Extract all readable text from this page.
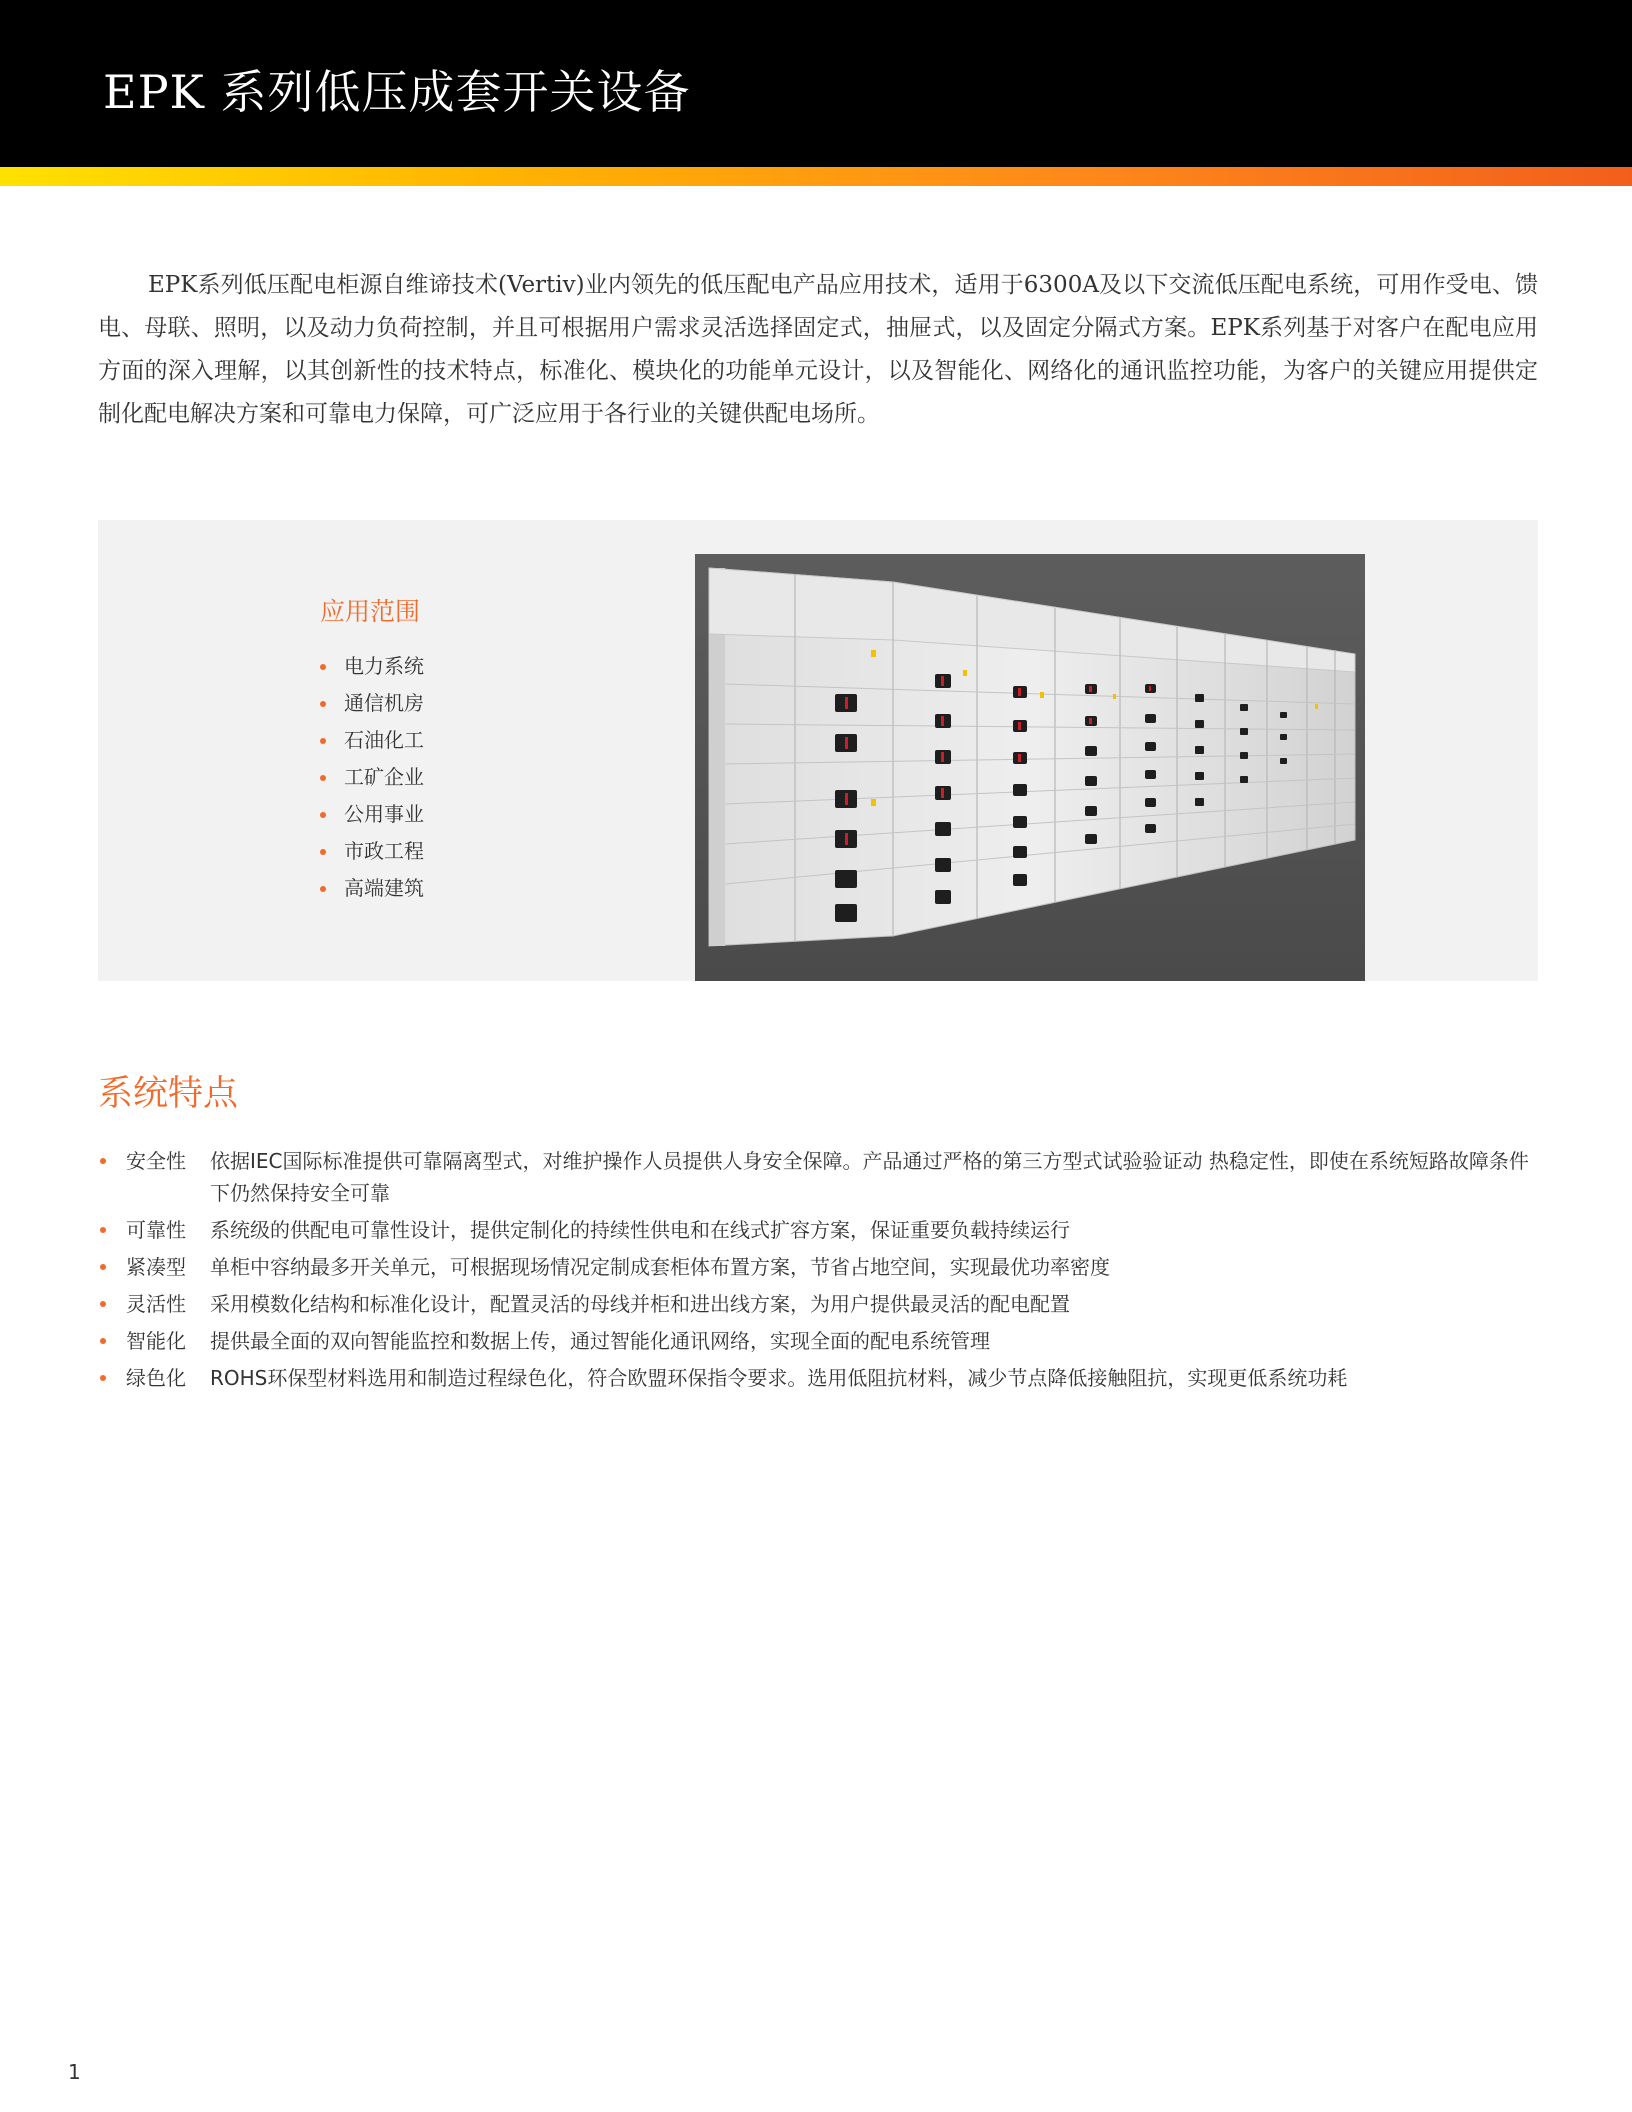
EPK 系列低压成套开关设备
EPK系列低压配电柜源自维谛技术(Vertiv)业内领先的低压配电产品应用技术，适用于6300A及以下交流低压配电系统，可用作受电、馈电、母联、照明，以及动力负荷控制，并且可根据用户需求灵活选择固定式，抽屉式，以及固定分隔式方案。EPK系列基于对客户在配电应用方面的深入理解，以其创新性的技术特点，标准化、模块化的功能单元设计，以及智能化、网络化的通讯监控功能，为客户的关键应用提供定制化配电解决方案和可靠电力保障，可广泛应用于各行业的关键供配电场所。
应用范围
电力系统
通信机房
石油化工
工矿企业
公用事业
市政工程
高端建筑
系统特点
安全性	依据IEC国际标准提供可靠隔离型式，对维护操作人员提供人身安全保障。产品通过严格的第三方型式试验验证动 热稳定性，即使在系统短路故障条件下仍然保持安全可靠
可靠性	系统级的供配电可靠性设计，提供定制化的持续性供电和在线式扩容方案，保证重要负载持续运行
紧凑型	单柜中容纳最多开关单元，可根据现场情况定制成套柜体布置方案，节省占地空间，实现最优功率密度
灵活性	采用模数化结构和标准化设计，配置灵活的母线并柜和进出线方案，为用户提供最灵活的配电配置
智能化	提供最全面的双向智能监控和数据上传，通过智能化通讯网络，实现全面的配电系统管理
绿色化	ROHS环保型材料选用和制造过程绿色化，符合欧盟环保指令要求。选用低阻抗材料，减少节点降低接触阻抗，实现更低系统功耗
1
